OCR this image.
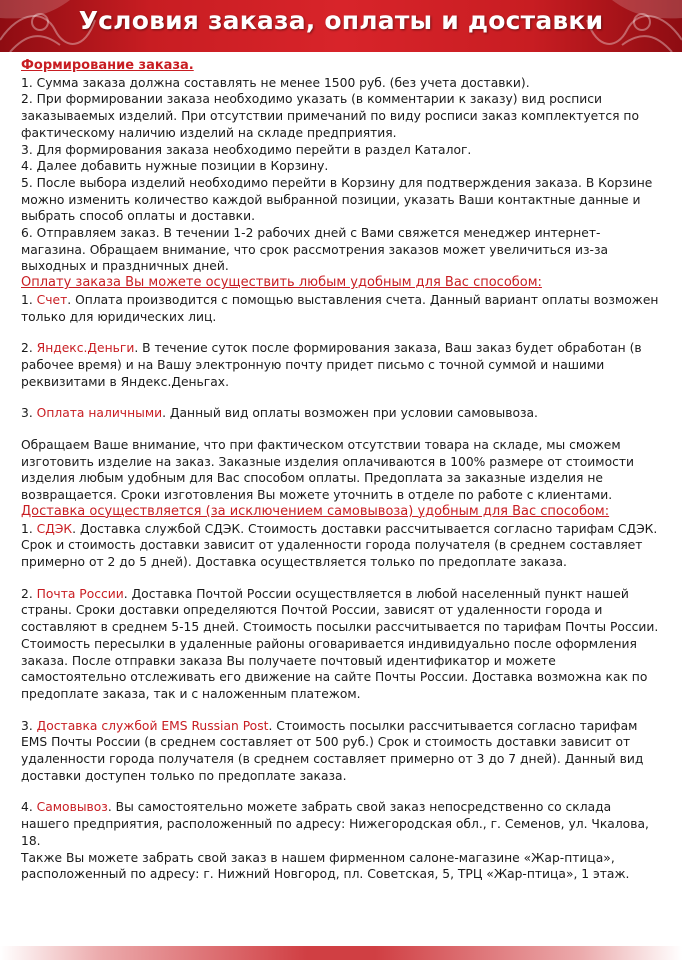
Условия заказа, оплаты и доставки

Формирование заказа.

1. Сумма заказа должна составлять не менее 1500 руб. (без учета доставки).

2. При формировании заказа необходимо указать (в комментарии к заказу) вид росписи заказываемых изделий. При отсутствии примечаний по виду росписи заказ комплектуется по фактическому наличию изделий на складе предприятия.

3. Для формирования заказа необходимо перейти в раздел Каталог.

4. Далее добавить нужные позиции в Корзину.

5. После выбора изделий необходимо перейти в Корзину для подтверждения заказа. В Корзине можно изменить количество каждой выбранной позиции, указать Ваши контактные данные и выбрать способ оплаты и доставки.

6. Отправляем заказ. В течении 1-2 рабочих дней с Вами свяжется менеджер интернет-магазина. Обращаем внимание, что срок рассмотрения заказов может увеличиться из-за выходных и праздничных дней.

Оплату заказа Вы можете осуществить любым удобным для Вас способом:

1. Счет. Оплата производится с помощью выставления счета. Данный вариант оплаты возможен только для юридических лиц.

2. Яндекс.Деньги. В течение суток после формирования заказа, Ваш заказ будет обработан (в рабочее время) и на Вашу электронную почту придет письмо с точной суммой и нашими реквизитами в Яндекс.Деньгах.

3. Оплата наличными. Данный вид оплаты возможен при условии самовывоза.

Обращаем Ваше внимание, что при фактическом отсутствии товара на складе, мы сможем изготовить изделие на заказ. Заказные изделия оплачиваются в 100% размере от стоимости изделия любым удобным для Вас способом оплаты. Предоплата за заказные изделия не возвращается. Сроки изготовления Вы можете уточнить в отделе по работе с клиентами.

Доставка осуществляется (за исключением самовывоза) удобным для Вас способом:

1. СДЭК. Доставка службой СДЭК. Стоимость доставки рассчитывается согласно тарифам СДЭК. Срок и стоимость доставки зависит от удаленности города получателя (в среднем составляет примерно от 2 до 5 дней). Доставка осуществляется только по предоплате заказа.

2. Почта России. Доставка Почтой России осуществляется в любой населенный пункт нашей страны. Сроки доставки определяются Почтой России, зависят от удаленности города и составляют в среднем 5-15 дней. Стоимость посылки рассчитывается по тарифам Почты России. Стоимость пересылки в удаленные районы оговаривается индивидуально после оформления заказа. После отправки заказа Вы получаете почтовый идентификатор и можете самостоятельно отслеживать его движение на сайте Почты России. Доставка возможна как по предоплате заказа, так и с наложенным платежом.

3. Доставка службой EMS Russian Post. Стоимость посылки рассчитывается согласно тарифам EMS Почты России (в среднем составляет от 500 руб.) Срок и стоимость доставки зависит от удаленности города получателя (в среднем составляет примерно от 3 до 7 дней). Данный вид доставки доступен только по предоплате заказа.

4. Самовывоз. Вы самостоятельно можете забрать свой заказ непосредственно со склада нашего предприятия, расположенный по адресу: Нижегородская обл., г. Семенов, ул. Чкалова, 18.

Также Вы можете забрать свой заказ в нашем фирменном салоне-магазине «Жар-птица», расположенный по адресу: г. Нижний Новгород, пл. Советская, 5, ТРЦ «Жар-птица», 1 этаж.
